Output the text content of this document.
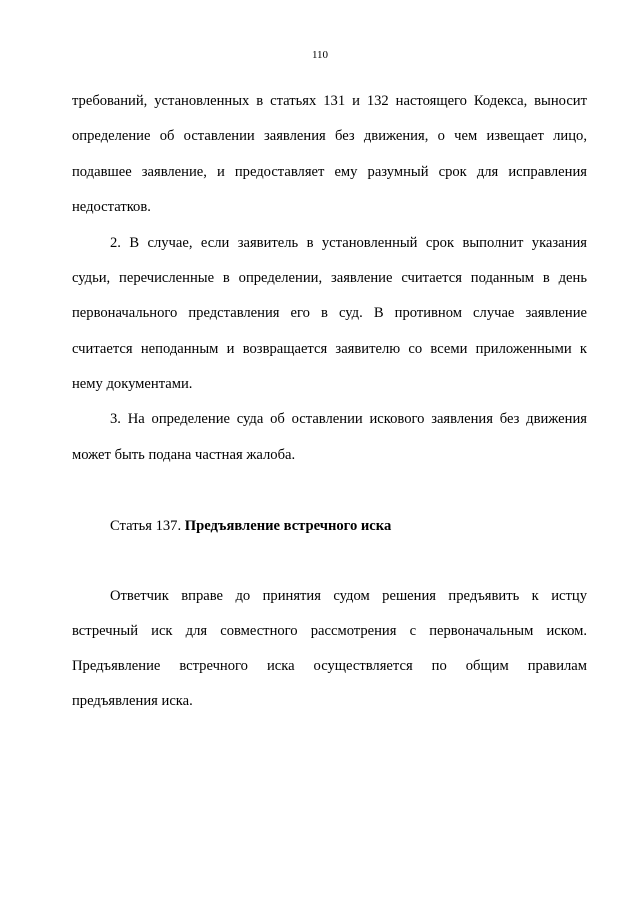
110
требований, установленных в статьях 131 и 132 настоящего Кодекса, выносит
определение об оставлении заявления без движения, о чем извещает лицо,
подавшее заявление, и предоставляет ему разумный срок для исправления
недостатков.
2. В случае, если заявитель в установленный срок выполнит указания
судьи, перечисленные в определении, заявление считается поданным в день
первоначального представления его в суд. В противном случае заявление
считается неподанным и возвращается заявителю со всеми приложенными к
нему документами.
3. На определение суда об оставлении искового заявления без движения
может быть подана частная жалоба.
Статья 137. Предъявление встречного иска
Ответчик вправе до принятия судом решения предъявить к истцу
встречный иск для совместного рассмотрения с первоначальным иском.
Предъявление встречного иска осуществляется по общим правилам
предъявления иска.
